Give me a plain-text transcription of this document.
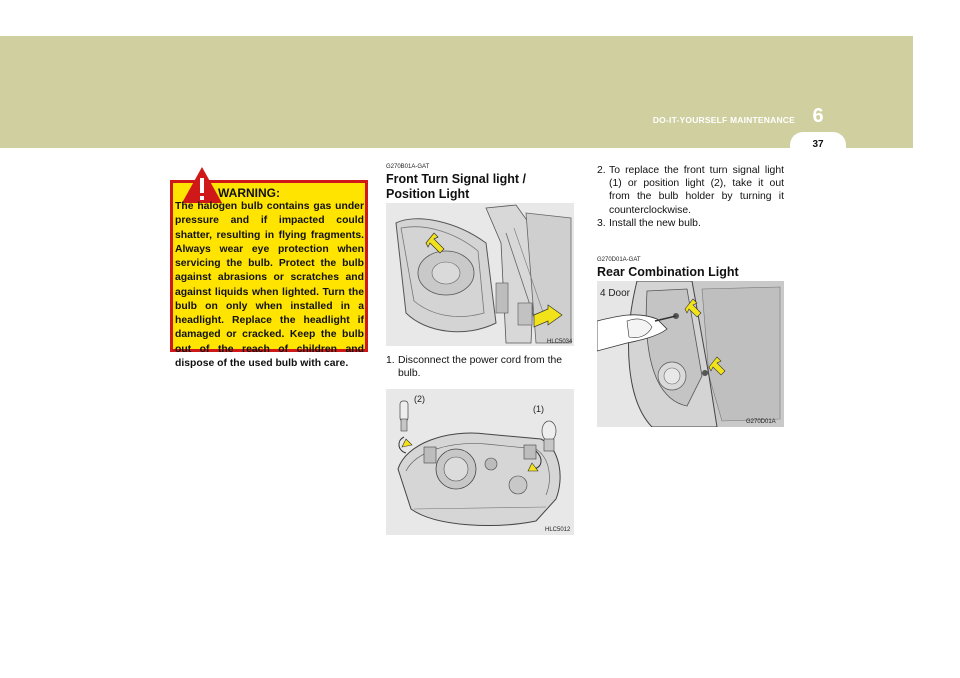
6
DO-IT-YOURSELF MAINTENANCE
37
WARNING:
The halogen bulb contains gas under pressure and if impacted could shatter, resulting in flying fragments. Always wear eye protection when servicing the bulb. Protect the bulb against abrasions or scratches and against liquids when lighted. Turn the bulb on only when installed in a headlight. Replace the headlight if damaged or cracked. Keep the bulb out of the reach of children and dispose of the used bulb with care.
G270B01A-GAT
Front Turn Signal light /
Position Light
HLC5034
1. Disconnect the power cord from the bulb.
(2)
(1)
HLC5012
2. To replace the front turn signal light (1) or position light (2), take it out from the bulb holder by turning it counterclockwise.
3. Install the new bulb.
G270D01A-GAT
Rear Combination Light
4 Door
G270D01A
